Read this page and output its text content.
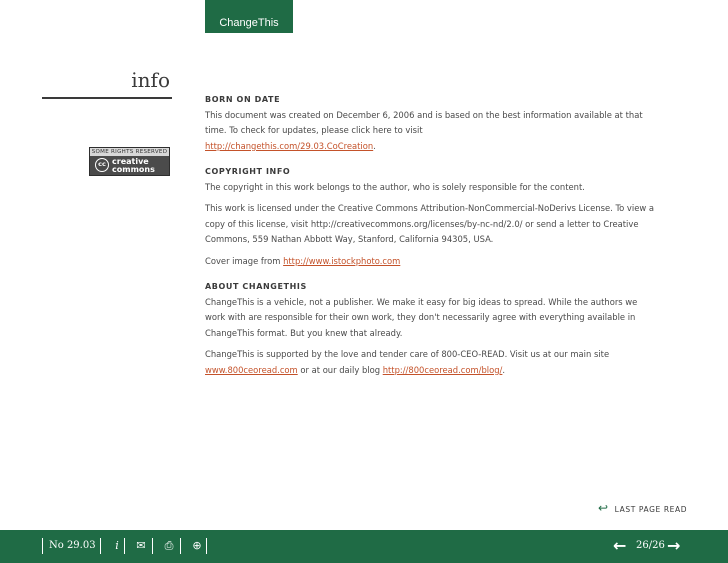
ChangeThis
info
SOME RIGHTS RESERVED
cc creative
commons
BORN ON DATE

This document was created on December 6, 2006 and is based on the best information available at that time. To check for updates, please click here to visit
http://changethis.com/29.03.CoCreation.

COPYRIGHT INFO

The copyright in this work belongs to the author, who is solely responsible for the content.

This work is licensed under the Creative Commons Attribution-NonCommercial-NoDerivs License. To view a copy of this license, visit http://creativecommons.org/licenses/by-nc-nd/2.0/ or send a letter to Creative Commons, 559 Nathan Abbott Way, Stanford, California 94305, USA.

Cover image from http://www.istockphoto.com

ABOUT CHANGETHIS

ChangeThis is a vehicle, not a publisher. We make it easy for big ideas to spread. While the authors we work with are responsible for their own work, they don't necessarily agree with everything available in ChangeThis format. But you knew that already.

ChangeThis is supported by the love and tender care of 800-CEO-READ. Visit us at our main site
www.800ceoread.com or at our daily blog http://800ceoread.com/blog/.

↩ LAST PAGE READ
No 29.03	i	✉	⎙	⊕	← 26/26 →
